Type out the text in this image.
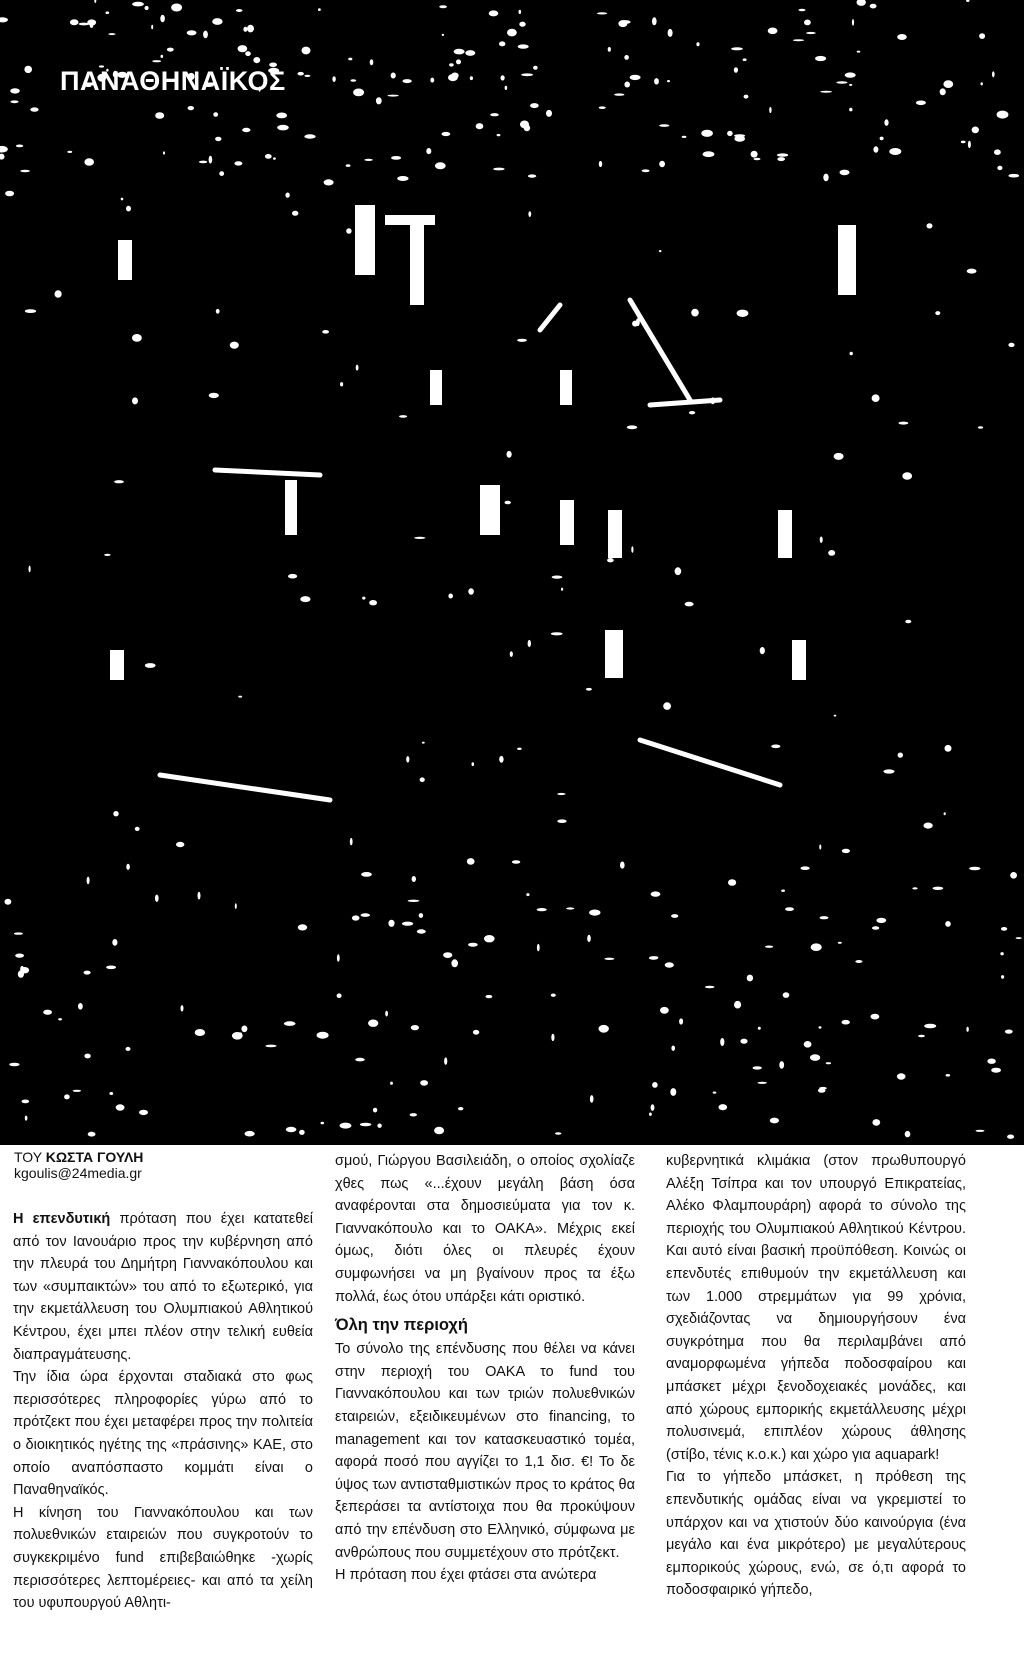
ΠΑΝΑΘΗΝΑΪΚΟΣ
ΤΟΥ ΚΩΣΤΑ ΓΟΥΛΗ
kgoulis@24media.gr

Η επενδυτική πρόταση που έχει κατατεθεί από τον Ιανουάριο προς την κυβέρνηση από την πλευρά του Δημήτρη Γιαννακόπουλου και των «συμπαικτών» του από το εξωτερικό, για την εκμετάλλευση του Ολυμπιακού Αθλητικού Κέντρου, έχει μπει πλέον στην τελική ευθεία διαπραγμάτευσης.

Την ίδια ώρα έρχονται σταδιακά στο φως περισσότερες πληροφορίες γύρω από το πρότζεκτ που έχει μεταφέρει προς την πολιτεία ο διοικητικός ηγέτης της «πράσινης» ΚΑΕ, στο οποίο αναπόσπαστο κομμάτι είναι ο Παναθηναϊκός.

Η κίνηση του Γιαννακόπουλου και των πολυεθνικών εταιρειών που συγκροτούν το συγκεκριμένο fund επιβεβαιώθηκε -χωρίς περισσότερες λεπτομέρειες- και από τα χείλη του υφυπουργού Αθλητι-

σμού, Γιώργου Βασιλειάδη, ο οποίος σχολίαζε χθες πως «...έχουν μεγάλη βάση όσα αναφέρονται στα δημοσιεύματα για τον κ. Γιαννακόπουλο και το ΟΑΚΑ». Μέχρις εκεί όμως, διότι όλες οι πλευρές έχουν συμφωνήσει να μη βγαίνουν προς τα έξω πολλά, έως ότου υπάρξει κάτι οριστικό.

Όλη την περιοχή

Το σύνολο της επένδυσης που θέλει να κάνει στην περιοχή του ΟΑΚΑ το fund του Γιαννακόπουλου και των τριών πολυεθνικών εταιρειών, εξειδικευμένων στο financing, το management και τον κατασκευαστικό τομέα, αφορά ποσό που αγγίζει το 1,1 δισ. €! Το δε ύψος των αντισταθμιστικών προς το κράτος θα ξεπεράσει τα αντίστοιχα που θα προκύψουν από την επένδυση στο Ελληνικό, σύμφωνα με ανθρώπους που συμμετέχουν στο πρότζεκτ.

Η πρόταση που έχει φτάσει στα ανώτερα

κυβερνητικά κλιμάκια (στον πρωθυπουργό Αλέξη Τσίπρα και τον υπουργό Επικρατείας, Αλέκο Φλαμπουράρη) αφορά το σύνολο της περιοχής του Ολυμπιακού Αθλητικού Κέντρου. Και αυτό είναι βασική προϋπόθεση. Κοινώς οι επενδυτές επιθυμούν την εκμετάλλευση και των 1.000 στρεμμάτων για 99 χρόνια, σχεδιάζοντας να δημιουργήσουν ένα συγκρότημα που θα περιλαμβάνει από αναμορφωμένα γήπεδα ποδοσφαίρου και μπάσκετ μέχρι ξενοδοχειακές μονάδες, και από χώρους εμπορικής εκμετάλλευσης μέχρι πολυσινεμά, επιπλέον χώρους άθλησης (στίβο, τένις κ.ο.κ.) και χώρο για aquapark!

Για το γήπεδο μπάσκετ, η πρόθεση της επενδυτικής ομάδας είναι να γκρεμιστεί το υπάρχον και να χτιστούν δύο καινούργια (ένα μεγάλο και ένα μικρότερο) με μεγαλύτερους εμπορικούς χώρους, ενώ, σε ό,τι αφορά το ποδοσφαιρικό γήπεδο,
